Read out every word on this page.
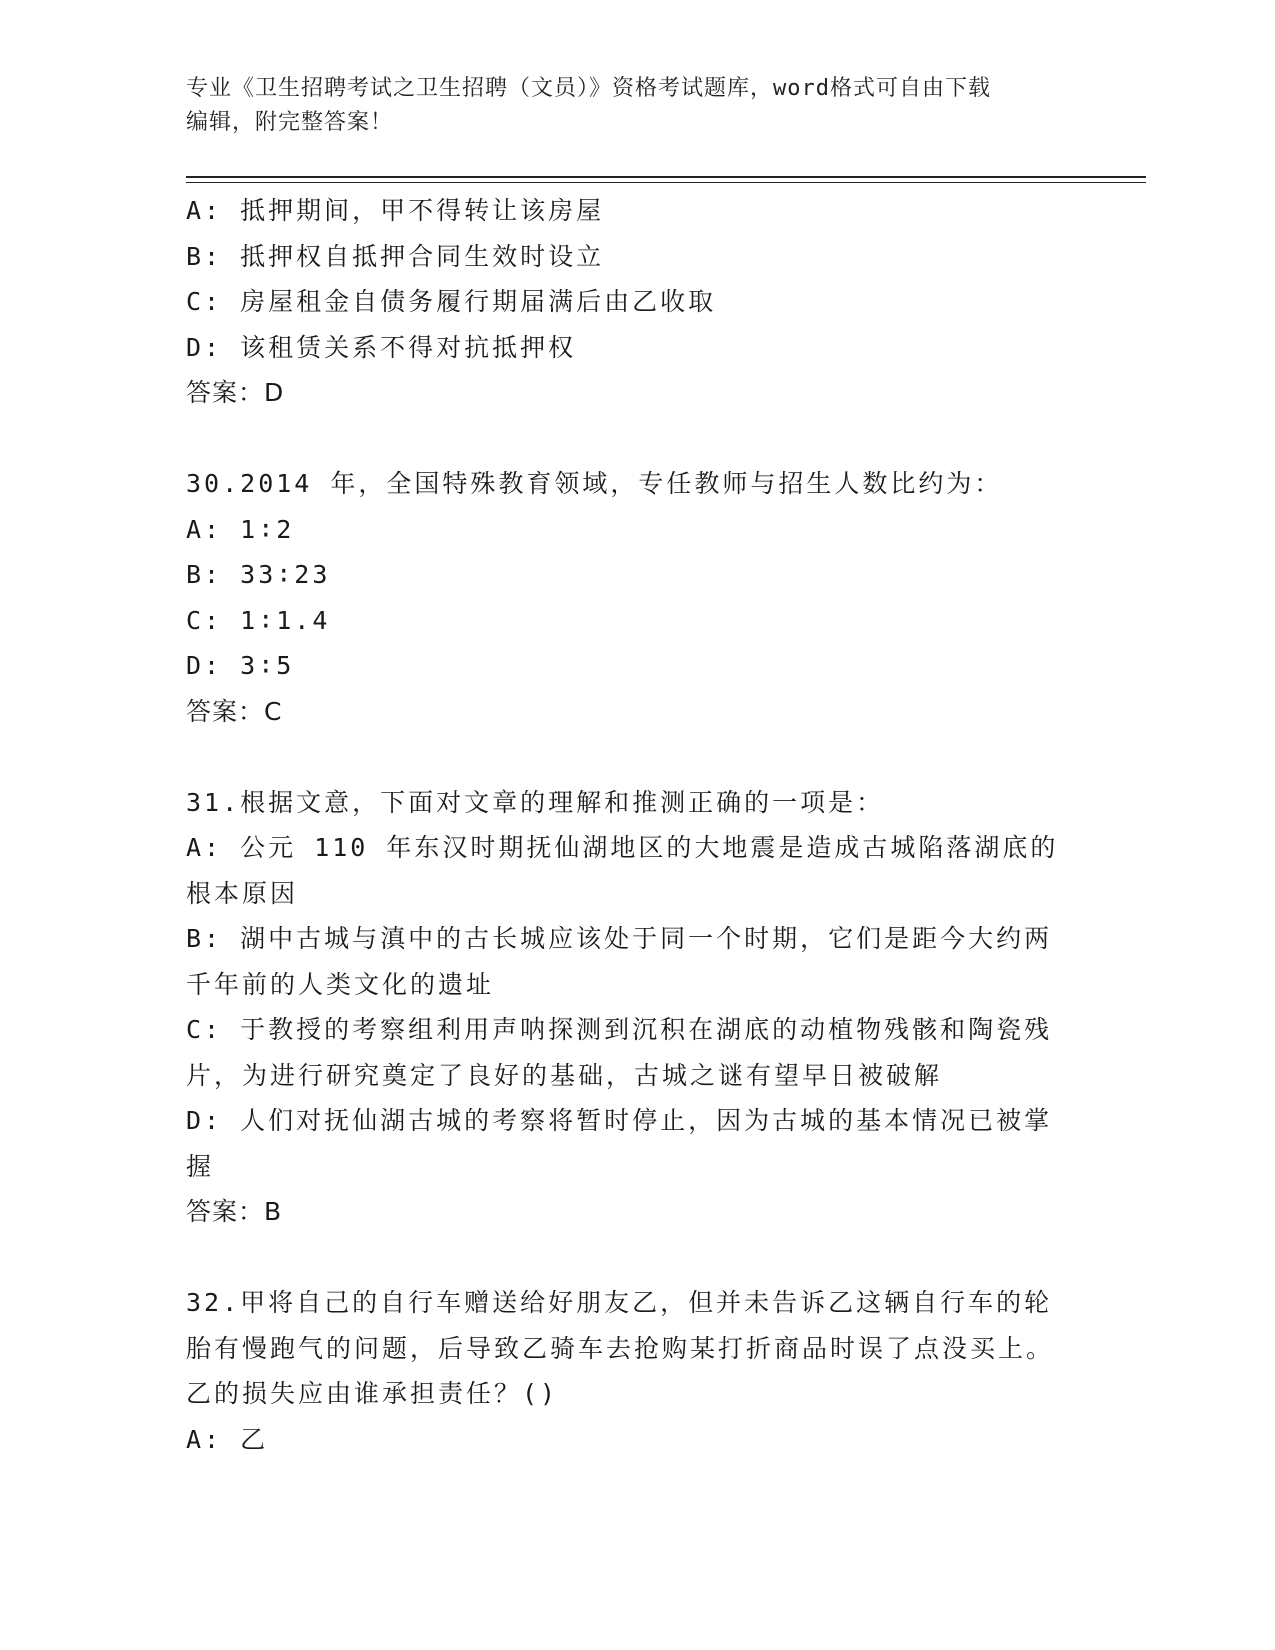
专业《卫生招聘考试之卫生招聘（文员）》资格考试题库，word格式可自由下载

编辑，附完整答案！

A: 抵押期间，甲不得转让该房屋

B: 抵押权自抵押合同生效时设立

C: 房屋租金自债务履行期届满后由乙收取

D: 该租赁关系不得对抗抵押权

答案：D

30.2014 年，全国特殊教育领域，专任教师与招生人数比约为：

A: 1∶2

B: 33∶23

C: 1∶1.4

D: 3∶5

答案：C

31.根据文意，下面对文章的理解和推测正确的一项是：

A: 公元 110 年东汉时期抚仙湖地区的大地震是造成古城陷落湖底的根本原因

B: 湖中古城与滇中的古长城应该处于同一个时期，它们是距今大约两千年前的人类文化的遗址

C: 于教授的考察组利用声呐探测到沉积在湖底的动植物残骸和陶瓷残片，为进行研究奠定了良好的基础，古城之谜有望早日被破解

D: 人们对抚仙湖古城的考察将暂时停止，因为古城的基本情况已被掌握

答案：B

32.甲将自己的自行车赠送给好朋友乙，但并未告诉乙这辆自行车的轮胎有慢跑气的问题，后导致乙骑车去抢购某打折商品时误了点没买上。乙的损失应由谁承担责任？()

A: 乙
